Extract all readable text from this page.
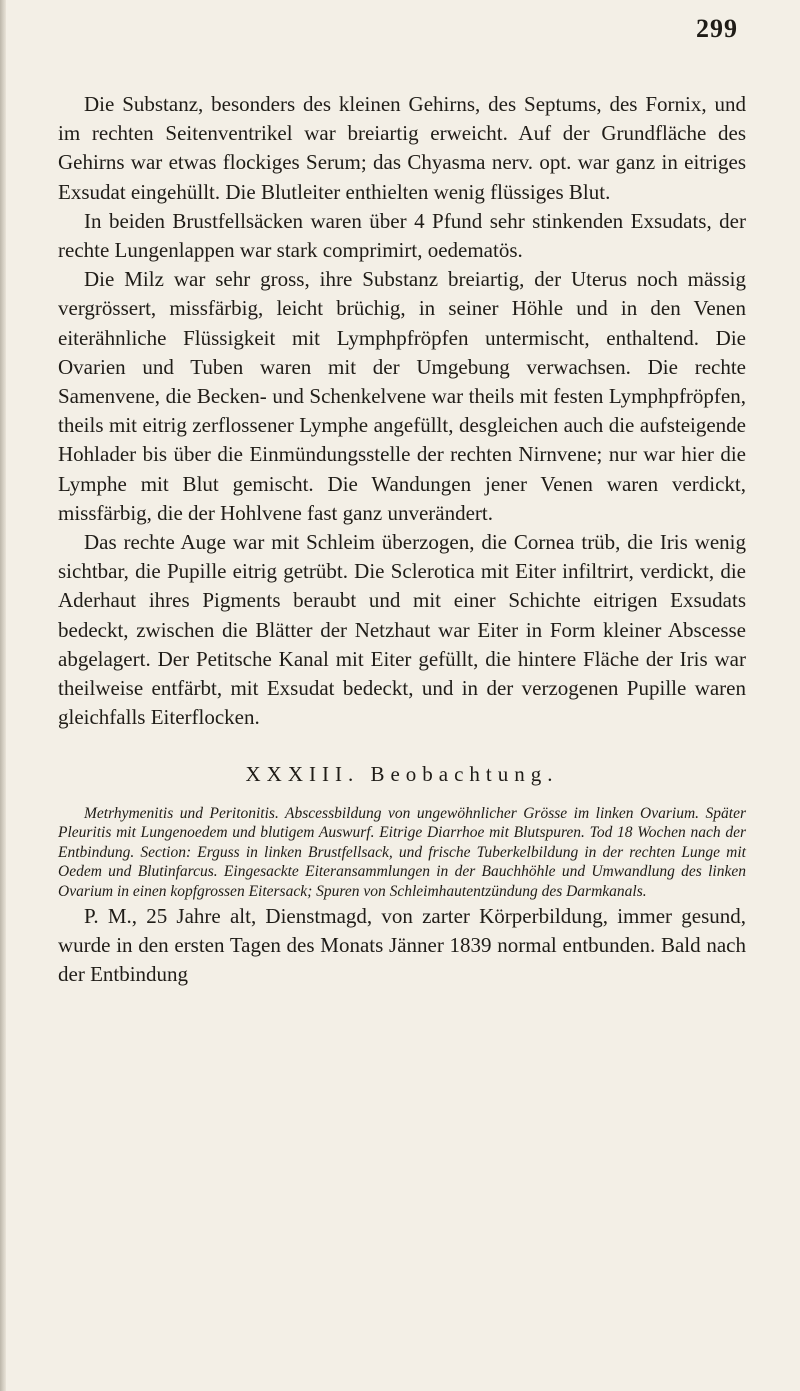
299

Die Substanz, besonders des kleinen Gehirns, des Septums, des Fornix, und im rechten Seitenventrikel war breiartig erweicht. Auf der Grundfläche des Gehirns war etwas flockiges Serum; das Chyasma nerv. opt. war ganz in eitriges Exsudat eingehüllt. Die Blutleiter enthielten wenig flüssiges Blut.

In beiden Brustfellsäcken waren über 4 Pfund sehr stinkenden Exsudats, der rechte Lungenlappen war stark comprimirt, oedematös.

Die Milz war sehr gross, ihre Substanz breiartig, der Uterus noch mässig vergrössert, missfärbig, leicht brüchig, in seiner Höhle und in den Venen eiterähnliche Flüssigkeit mit Lymphpfröpfen untermischt, enthaltend. Die Ovarien und Tuben waren mit der Umgebung verwachsen. Die rechte Samenvene, die Becken- und Schenkelvene war theils mit festen Lymphpfröpfen, theils mit eitrig zerflossener Lymphe angefüllt, desgleichen auch die aufsteigende Hohlader bis über die Einmündungsstelle der rechten Nirnvene; nur war hier die Lymphe mit Blut gemischt. Die Wandungen jener Venen waren verdickt, missfärbig, die der Hohlvene fast ganz unverändert.

Das rechte Auge war mit Schleim überzogen, die Cornea trüb, die Iris wenig sichtbar, die Pupille eitrig getrübt. Die Sclerotica mit Eiter infiltrirt, verdickt, die Aderhaut ihres Pigments beraubt und mit einer Schichte eitrigen Exsudats bedeckt, zwischen die Blätter der Netzhaut war Eiter in Form kleiner Abscesse abgelagert. Der Petitsche Kanal mit Eiter gefüllt, die hintere Fläche der Iris war theilweise entfärbt, mit Exsudat bedeckt, und in der verzogenen Pupille waren gleichfalls Eiterflocken.

XXXIII. Beobachtung.

Metrhymenitis und Peritonitis. Abscessbildung von ungewöhnlicher Grösse im linken Ovarium. Später Pleuritis mit Lungenoedem und blutigem Auswurf. Eitrige Diarrhoe mit Blutspuren. Tod 18 Wochen nach der Entbindung. Section: Erguss in linken Brustfellsack, und frische Tuberkelbildung in der rechten Lunge mit Oedem und Blutinfarcus. Eingesackte Eiteransammlungen in der Bauchhöhle und Umwandlung des linken Ovarium in einen kopfgrossen Eitersack; Spuren von Schleimhautentzündung des Darmkanals.

P. M., 25 Jahre alt, Dienstmagd, von zarter Körperbildung, immer gesund, wurde in den ersten Tagen des Monats Jänner 1839 normal entbunden. Bald nach der Entbindung
